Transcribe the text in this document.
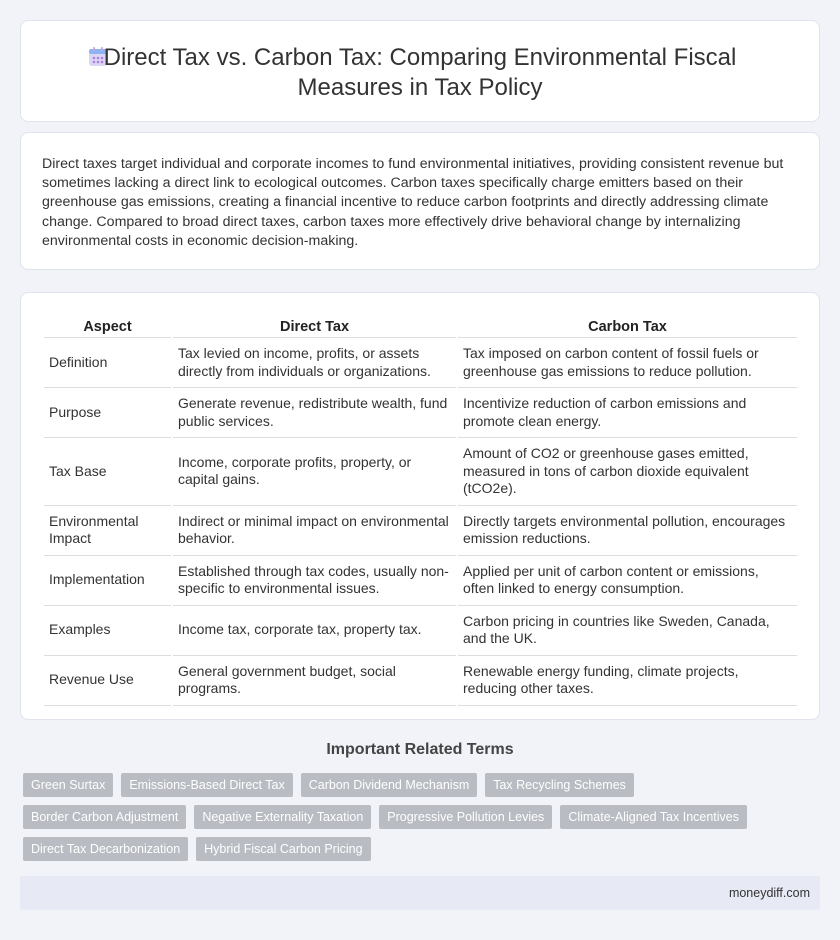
Direct Tax vs. Carbon Tax: Comparing Environmental Fiscal Measures in Tax Policy

Direct taxes target individual and corporate incomes to fund environmental initiatives, providing consistent revenue but sometimes lacking a direct link to ecological outcomes. Carbon taxes specifically charge emitters based on their greenhouse gas emissions, creating a financial incentive to reduce carbon footprints and directly addressing climate change. Compared to broad direct taxes, carbon taxes more effectively drive behavioral change by internalizing environmental costs in economic decision-making.

Aspect	Direct Tax	Carbon Tax
Definition	Tax levied on income, profits, or assets directly from individuals or organizations.	Tax imposed on carbon content of fossil fuels or greenhouse gas emissions to reduce pollution.
Purpose	Generate revenue, redistribute wealth, fund public services.	Incentivize reduction of carbon emissions and promote clean energy.
Tax Base	Income, corporate profits, property, or capital gains.	Amount of CO2 or greenhouse gases emitted, measured in tons of carbon dioxide equivalent (tCO2e).
Environmental Impact	Indirect or minimal impact on environmental behavior.	Directly targets environmental pollution, encourages emission reductions.
Implementation	Established through tax codes, usually non-specific to environmental issues.	Applied per unit of carbon content or emissions, often linked to energy consumption.
Examples	Income tax, corporate tax, property tax.	Carbon pricing in countries like Sweden, Canada, and the UK.
Revenue Use	General government budget, social programs.	Renewable energy funding, climate projects, reducing other taxes.
Important Related Terms
Green Surtax	Emissions-Based Direct Tax	Carbon Dividend Mechanism	Tax Recycling Schemes
Border Carbon Adjustment	Negative Externality Taxation	Progressive Pollution Levies	Climate-Aligned Tax Incentives
Direct Tax Decarbonization	Hybrid Fiscal Carbon Pricing
moneydiff.com
